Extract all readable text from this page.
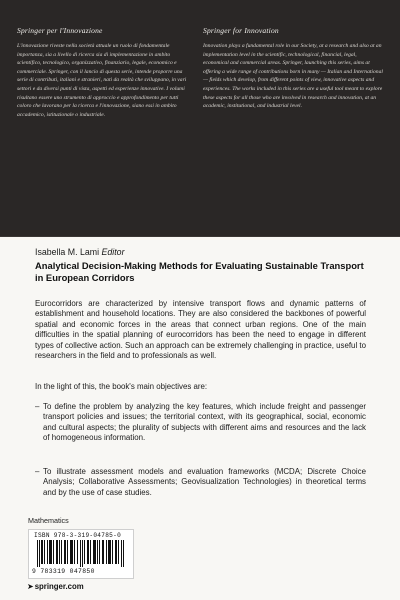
Springer per l'Innovazione

L'innovazione riveste nella società attuale un ruolo di fondamentale importanza, sia a livello di ricerca sia di implementazione in ambito scientifico, tecnologico, organizzativo, finanziario, legale, economico e commerciale. Springer, con il lancio di questa serie, intende proporre una serie di contributi, italiani e stranieri, nati da realtà che sviluppano, in vari settori e da diversi punti di vista, aspetti ed esperienze innovative. I volumi risultano essere uno strumento di approccio e approfondimento per tutti coloro che lavorano per la ricerca e l'innovazione, siano essi in ambito accademico, istituzionale o industriale.

Springer for Innovation

Innovation plays a fundamental role in our Society, at a research and also at an implementation level in the scientific, technological, financial, legal, economical and commercial areas. Springer, launching this series, aims at offering a wide range of contributions born in many — Italian and International — fields which develop, from different points of view, innovative aspects and experiences. The works included in this series are a useful tool meant to explore these aspects for all those who are involved in research and innovation, at an academic, institutional, and industrial level.

Isabella M. Lami Editor

Analytical Decision-Making Methods for Evaluating Sustainable Transport in European Corridors

Eurocorridors are characterized by intensive transport flows and dynamic patterns of establishment and household locations. They are also considered the backbones of powerful spatial and economic forces in the areas that connect urban regions. One of the main difficulties in the spatial planning of eurocorridors has been the need to engage in different types of collective action. Such an approach can be extremely challenging in practice, useful to researchers in the field and to professionals as well.

In the light of this, the book's main objectives are:

– To define the problem by analyzing the key features, which include freight and passenger transport policies and issues; the territorial context, with its geographical, social, economic and cultural aspects; the plurality of subjects with different aims and resources and the lack of homogeneous information.

– To illustrate assessment models and evaluation frameworks (MCDA; Discrete Choice Analysis; Collaborative Assessments; Geovisualization Technologies) in theoretical terms and by the use of case studies.

Mathematics

ISBN 978-3-319-04785-0
9 783319 047850
➤ springer.com
